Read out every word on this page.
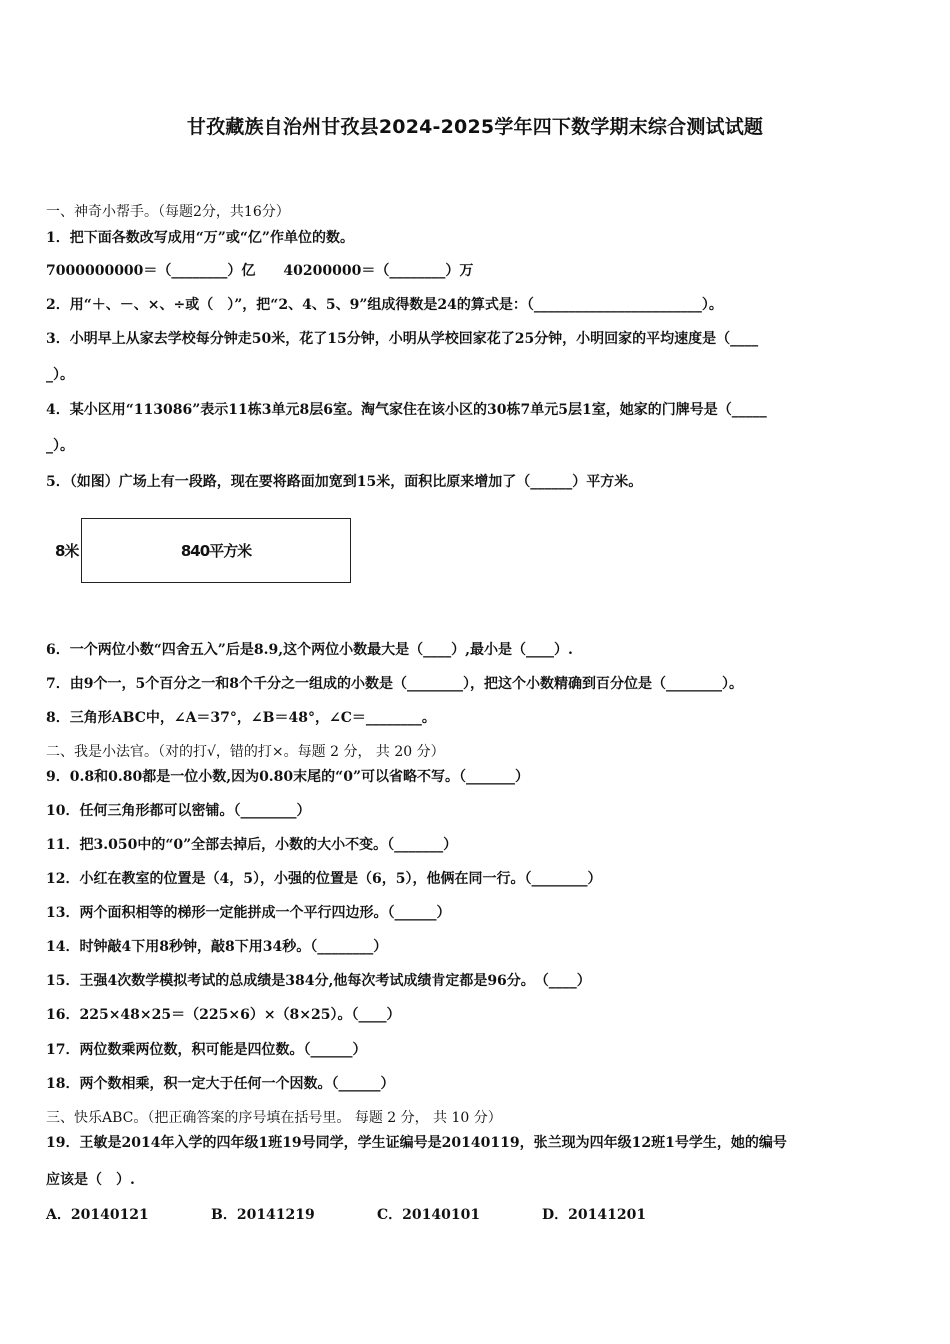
甘孜藏族自治州甘孜县2024-2025学年四下数学期末综合测试试题
一、神奇小帮手。（每题2分，共16分）
1．把下面各数改写成用“万”或“亿”作单位的数。
7000000000＝（________）亿　　40200000＝（________）万
2．用“＋、－、×、÷或（　）”，把“2、4、5、9”组成得数是24的算式是：（________________________）。
3．小明早上从家去学校每分钟走50米，花了15分钟，小明从学校回家花了25分钟，小明回家的平均速度是（____
_）。
4．某小区用“113086”表示11栋3单元8层6室。淘气家住在该小区的30栋7单元5层1室，她家的门牌号是（_____
_）。
5．（如图）广场上有一段路，现在要将路面加宽到15米，面积比原来增加了（______）平方米。
8米	840平方米
6．一个两位小数“四舍五入”后是8.9,这个两位小数最大是（____）,最小是（____）.
7．由9个一，5个百分之一和8个千分之一组成的小数是（________），把这个小数精确到百分位是（________）。
8．三角形ABC中，∠A＝37°，∠B＝48°，∠C＝________。
二、我是小法官。（对的打√，错的打×。每题 2 分， 共 20 分）
9．0.8和0.80都是一位小数,因为0.80末尾的“0”可以省略不写。（_______）
10．任何三角形都可以密铺。（________）
11．把3.050中的“0”全部去掉后，小数的大小不变。（_______）
12．小红在教室的位置是（4，5），小强的位置是（6，5），他俩在同一行。（________）
13．两个面积相等的梯形一定能拼成一个平行四边形。（______）
14．时钟敲4下用8秒钟，敲8下用34秒。（________）
15．王强4次数学模拟考试的总成绩是384分,他每次考试成绩肯定都是96分。　（____）
16．225×48×25＝（225×6）×（8×25）。（____）
17．两位数乘两位数，积可能是四位数。（______）
18．两个数相乘，积一定大于任何一个因数。（______）
三、快乐ABC。（把正确答案的序号填在括号里。 每题 2 分， 共 10 分）
19．王敏是2014年入学的四年级1班19号同学，学生证编号是20140119，张兰现为四年级12班1号学生，她的编号
应该是（　）.
A．20140121	B．20141219	C．20140101	D．20141201
